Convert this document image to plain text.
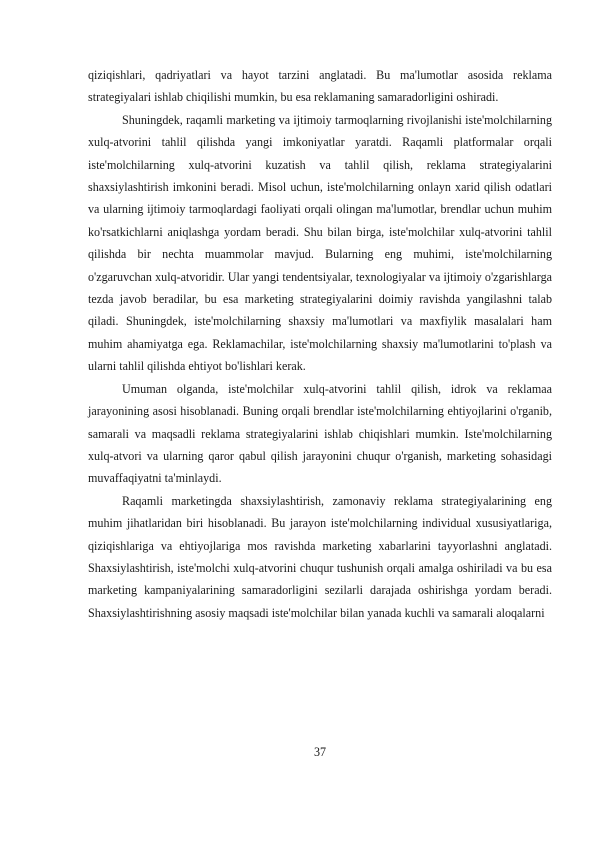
qiziqishlari, qadriyatlari va hayot tarzini anglatadi. Bu ma'lumotlar asosida reklama strategiyalari ishlab chiqilishi mumkin, bu esa reklamaning samaradorligini oshiradi.

Shuningdek, raqamli marketing va ijtimoiy tarmoqlarning rivojlanishi iste'molchilarning xulq-atvorini tahlil qilishda yangi imkoniyatlar yaratdi. Raqamli platformalar orqali iste'molchilarning xulq-atvorini kuzatish va tahlil qilish, reklama strategiyalarini shaxsiylashtirish imkonini beradi. Misol uchun, iste'molchilarning onlayn xarid qilish odatlari va ularning ijtimoiy tarmoqlardagi faoliyati orqali olingan ma'lumotlar, brendlar uchun muhim ko'rsatkichlarni aniqlashga yordam beradi. Shu bilan birga, iste'molchilar xulq-atvorini tahlil qilishda bir nechta muammolar mavjud. Bularning eng muhimi, iste'molchilarning o'zgaruvchan xulq-atvoridir. Ular yangi tendentsiyalar, texnologiyalar va ijtimoiy o'zgarishlarga tezda javob beradilar, bu esa marketing strategiyalarini doimiy ravishda yangilashni talab qiladi. Shuningdek, iste'molchilarning shaxsiy ma'lumotlari va maxfiylik masalalari ham muhim ahamiyatga ega. Reklamachilar, iste'molchilarning shaxsiy ma'lumotlarini to'plash va ularni tahlil qilishda ehtiyot bo'lishlari kerak.

Umuman olganda, iste'molchilar xulq-atvorini tahlil qilish, idrok va reklamaa jarayonining asosi hisoblanadi. Buning orqali brendlar iste'molchilarning ehtiyojlarini o'rganib, samarali va maqsadli reklama strategiyalarini ishlab chiqishlari mumkin. Iste'molchilarning xulq-atvori va ularning qaror qabul qilish jarayonini chuqur o'rganish, marketing sohasidagi muvaffaqiyatni ta'minlaydi.

Raqamli marketingda shaxsiylashtirish, zamonaviy reklama strategiyalarining eng muhim jihatlaridan biri hisoblanadi. Bu jarayon iste'molchilarning individual xususiyatlariga, qiziqishlariga va ehtiyojlariga mos ravishda marketing xabarlarini tayyorlashni anglatadi. Shaxsiylashtirish, iste'molchi xulq-atvorini chuqur tushunish orqali amalga oshiriladi va bu esa marketing kampaniyalarining samaradorligini sezilarli darajada oshirishga yordam beradi. Shaxsiylashtirishning asosiy maqsadi iste'molchilar bilan yanada kuchli va samarali aloqalarni

37
